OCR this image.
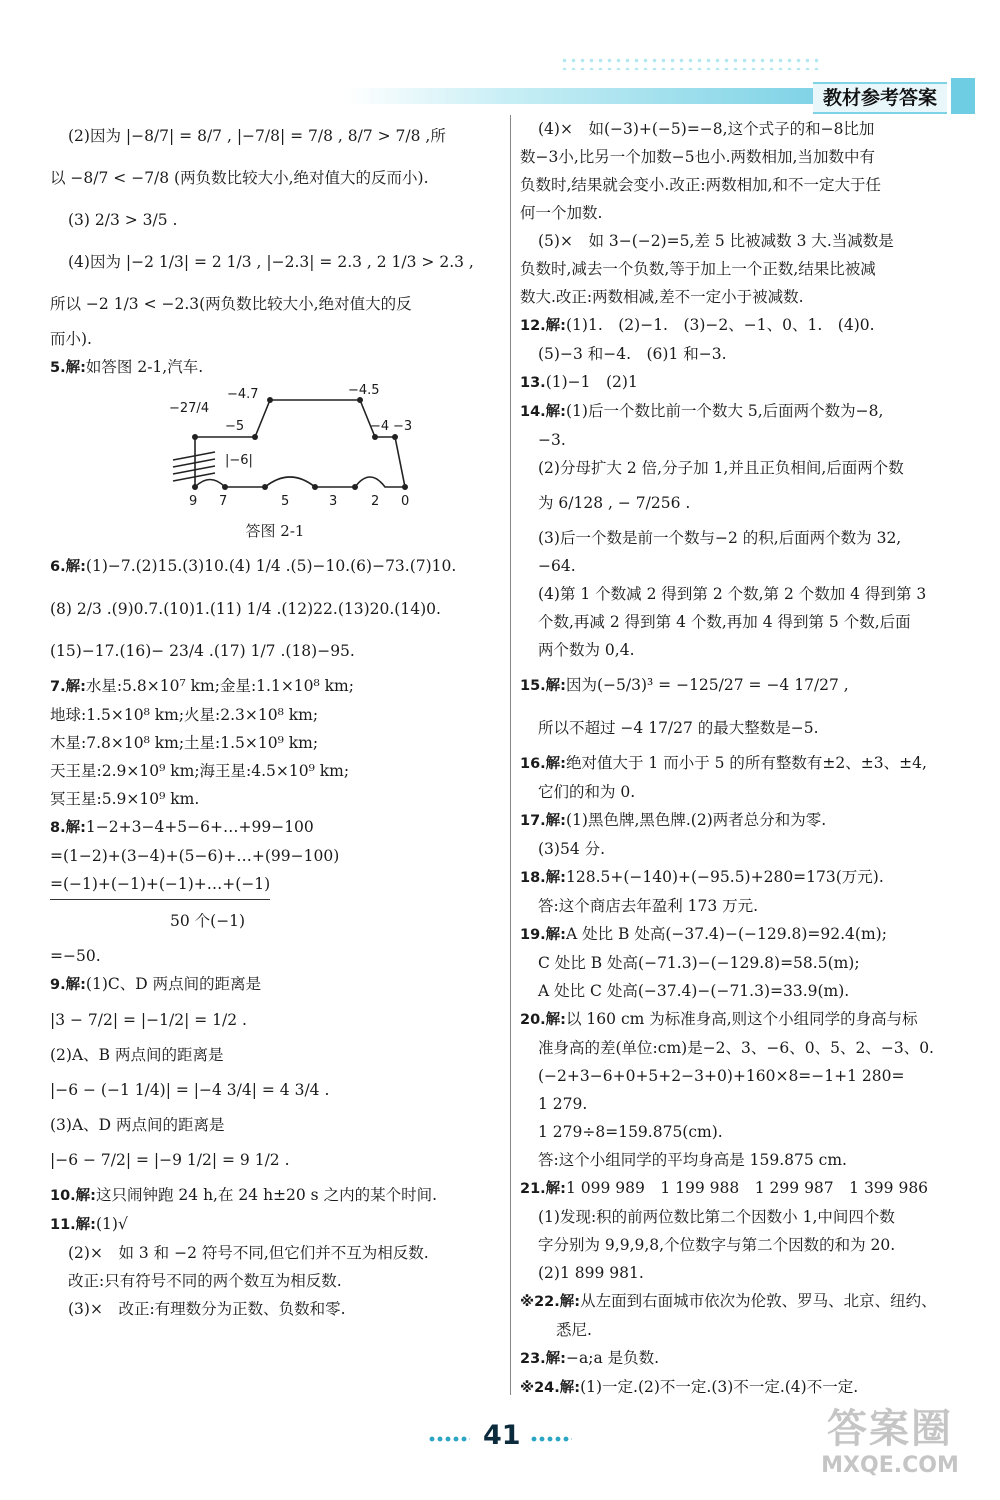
教材参考答案

(2)因为 |−8/7| = 8/7 , |−7/8| = 7/8 , 8/7 > 7/8 ,所

以 −8/7 < −7/8 (两负数比较大小,绝对值大的反而小).

(3) 2/3 > 3/5 .

(4)因为 |−2 1/3| = 2 1/3 , |−2.3| = 2.3 , 2 1/3 > 2.3 ,

所以 −2 1/3 < −2.3(两负数比较大小,绝对值大的反

而小).

5.解:如答图 2-1,汽车.

−27/4
−4.7	−4.5
−5	−4 −3
|−6|
9 7	5	3	2 0
答图 2-1

6.解:(1)−7.(2)15.(3)10.(4) 1/4 .(5)−10.(6)−73.(7)10.

(8) 2/3 .(9)0.7.(10)1.(11) 1/4 .(12)22.(13)20.(14)0.

(15)−17.(16)− 23/4 .(17) 1/7 .(18)−95.

7.解:水星:5.8×10⁷ km;金星:1.1×10⁸ km;

地球:1.5×10⁸ km;火星:2.3×10⁸ km;

木星:7.8×10⁸ km;土星:1.5×10⁹ km;

天王星:2.9×10⁹ km;海王星:4.5×10⁹ km;

冥王星:5.9×10⁹ km.

8.解:1−2+3−4+5−6+…+99−100

=(1−2)+(3−4)+(5−6)+…+(99−100)

=(−1)+(−1)+(−1)+…+(−1)

50 个(−1)

=−50.

9.解:(1)C、D 两点间的距离是

|3 − 7/2| = |−1/2| = 1/2 .

(2)A、B 两点间的距离是

|−6 − (−1 1/4)| = |−4 3/4| = 4 3/4 .

(3)A、D 两点间的距离是

|−6 − 7/2| = |−9 1/2| = 9 1/2 .

10.解:这只闹钟跑 24 h,在 24 h±20 s 之内的某个时间.

11.解:(1)√

(2)×　如 3 和 −2 符号不同,但它们并不互为相反数.

改正:只有符号不同的两个数互为相反数.

(3)×　改正:有理数分为正数、负数和零.

(4)×　如(−3)+(−5)=−8,这个式子的和−8比加

数−3小,比另一个加数−5也小.两数相加,当加数中有

负数时,结果就会变小.改正:两数相加,和不一定大于任

何一个加数.

(5)×　如 3−(−2)=5,差 5 比被减数 3 大.当减数是

负数时,减去一个负数,等于加上一个正数,结果比被减

数大.改正:两数相减,差不一定小于被减数.

12.解:(1)1.　(2)−1.　(3)−2、−1、0、1.　(4)0.

(5)−3 和−4.　(6)1 和−3.

13.(1)−1　(2)1

14.解:(1)后一个数比前一个数大 5,后面两个数为−8,

−3.

(2)分母扩大 2 倍,分子加 1,并且正负相间,后面两个数

为 6/128 , − 7/256 .

(3)后一个数是前一个数与−2 的积,后面两个数为 32,

−64.

(4)第 1 个数减 2 得到第 2 个数,第 2 个数加 4 得到第 3

个数,再减 2 得到第 4 个数,再加 4 得到第 5 个数,后面

两个数为 0,4.

15.解:因为(−5/3)³ = −125/27 = −4 17/27 ,

所以不超过 −4 17/27 的最大整数是−5.

16.解:绝对值大于 1 而小于 5 的所有整数有±2、±3、±4,

它们的和为 0.

17.解:(1)黑色牌,黑色牌.(2)两者总分和为零.

(3)54 分.

18.解:128.5+(−140)+(−95.5)+280=173(万元).

答:这个商店去年盈利 173 万元.

19.解:A 处比 B 处高(−37.4)−(−129.8)=92.4(m);

C 处比 B 处高(−71.3)−(−129.8)=58.5(m);

A 处比 C 处高(−37.4)−(−71.3)=33.9(m).

20.解:以 160 cm 为标准身高,则这个小组同学的身高与标

准身高的差(单位:cm)是−2、3、−6、0、5、2、−3、0.

(−2+3−6+0+5+2−3+0)+160×8=−1+1 280=

1 279.

1 279÷8=159.875(cm).

答:这个小组同学的平均身高是 159.875 cm.

21.解:1 099 989　1 199 988　1 299 987　1 399 986

(1)发现:积的前两位数比第二个因数小 1,中间四个数

字分别为 9,9,9,8,个位数字与第二个因数的和为 20.

(2)1 899 981.

※22.解:从左面到右面城市依次为伦敦、罗马、北京、纽约、

悉尼.

23.解:−a;a 是负数.

※24.解:(1)一定.(2)不一定.(3)不一定.(4)不一定.

41	答案圈
MXQE.COM
